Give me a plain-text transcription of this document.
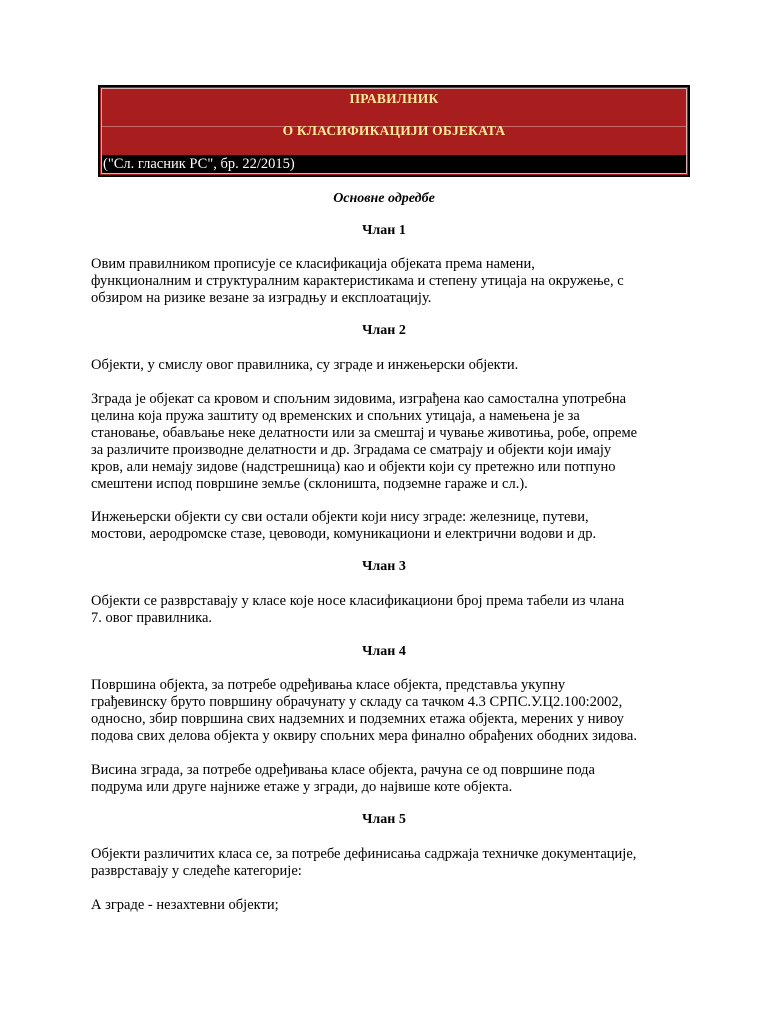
ПРАВИЛНИК
О КЛАСИФИКАЦИЈИ ОБЈЕКАТА
("Сл. гласник РС", бр. 22/2015)
Основне одредбе
Члан 1
Овим правилником прописује се класификација објеката према намени,
функционалним и структуралним карактеристикама и степену утицаја на окружење, с
обзиром на ризике везане за изградњу и експлоатацију.
Члан 2
Објекти, у смислу овог правилника, су зграде и инжењерски објекти.
Зграда је објекат са кровом и спољним зидовима, изграђена као самостална употребна
целина која пружа заштиту од временских и спољних утицаја, а намењена је за
становање, обављање неке делатности или за смештај и чување животиња, робе, опреме
за различите производне делатности и др. Зградама се сматрају и објекти који имају
кров, али немају зидове (надстрешница) као и објекти који су претежно или потпуно
смештени испод површине земље (склоништа, подземне гараже и сл.).
Инжењерски објекти су сви остали објекти који нису зграде: железнице, путеви,
мостови, аеродромске стазе, цевоводи, комуникациони и електрични водови и др.
Члан 3
Објекти се разврставају у класе које носе класификациони број према табели из члана
7. овог правилника.
Члан 4
Површина објекта, за потребе одређивања класе објекта, представља укупну
грађевинску бруто површину обрачунату у складу са тачком 4.3 СРПС.У.Ц2.100:2002,
односно, збир површина свих надземних и подземних етажа објекта, мерених у нивоу
подова свих делова објекта у оквиру спољних мера финално обрађених ободних зидова.
Висина зграда, за потребе одређивања класе објекта, рачуна се од површине пода
подрума или друге најниже етаже у згради, до највише коте објекта.
Члан 5
Објекти различитих класа се, за потребе дефинисања садржаја техничке документације,
разврставају у следеће категорије:
А зграде - незахтевни објекти;
